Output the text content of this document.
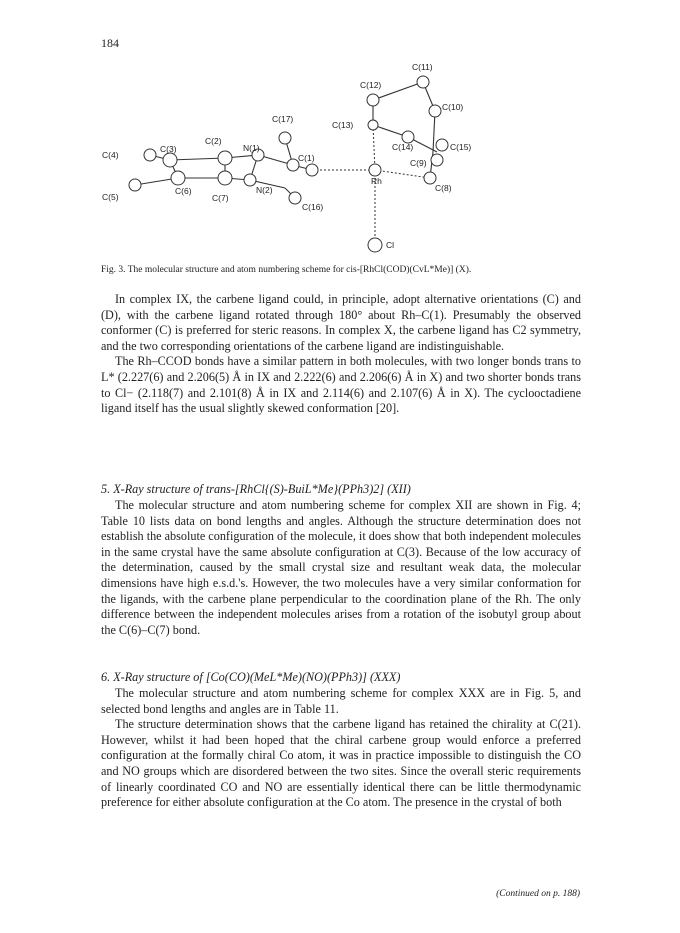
184
C(11)
C(12)
C(10)
C(17)
C(13)
C(14)	C(15)
C(2)
N(1)
C(3)
C(4)	C(1)	C(9)
Rh
C(6)	N(2)	C(8)
C(5)	C(7)
C(16)
Cl
Fig. 3. The molecular structure and atom numbering scheme for cis-[RhCl(COD)(CvL*Me)] (X).

In complex IX, the carbene ligand could, in principle, adopt alternative orientations (C) and (D), with the carbene ligand rotated through 180° about Rh–C(1). Presumably the observed conformer (C) is preferred for steric reasons. In complex X, the carbene ligand has C2 symmetry, and the two corresponding orientations of the carbene ligand are indistinguishable.

The Rh–CCOD bonds have a similar pattern in both molecules, with two longer bonds trans to L* (2.227(6) and 2.206(5) Å in IX and 2.222(6) and 2.206(6) Å in X) and two shorter bonds trans to Cl− (2.118(7) and 2.101(8) Å in IX and 2.114(6) and 2.107(6) Å in X). The cyclooctadiene ligand itself has the usual slightly skewed conformation [20].

5. X-Ray structure of trans-[RhCl{(S)-BuiL*Me}(PPh3)2] (XII)

The molecular structure and atom numbering scheme for complex XII are shown in Fig. 4; Table 10 lists data on bond lengths and angles. Although the structure determination does not establish the absolute configuration of the molecule, it does show that both independent molecules in the same crystal have the same absolute configuration at C(3). Because of the low accuracy of the determination, caused by the small crystal size and resultant weak data, the molecular dimensions have high e.s.d.'s. However, the two molecules have a very similar conformation for the ligands, with the carbene plane perpendicular to the coordination plane of the Rh. The only difference between the independent molecules arises from a rotation of the isobutyl group about the C(6)–C(7) bond.

6. X-Ray structure of [Co(CO)(MeL*Me)(NO)(PPh3)] (XXX)

The molecular structure and atom numbering scheme for complex XXX are in Fig. 5, and selected bond lengths and angles are in Table 11.

The structure determination shows that the carbene ligand has retained the chirality at C(21). However, whilst it had been hoped that the chiral carbene group would enforce a preferred configuration at the formally chiral Co atom, it was in practice impossible to distinguish the CO and NO groups which are disordered between the two sites. Since the overall steric requirements of linearly coordinated CO and NO are essentially identical there can be little thermodynamic preference for either absolute configuration at the Co atom. The presence in the crystal of both

(Continued on p. 188)
